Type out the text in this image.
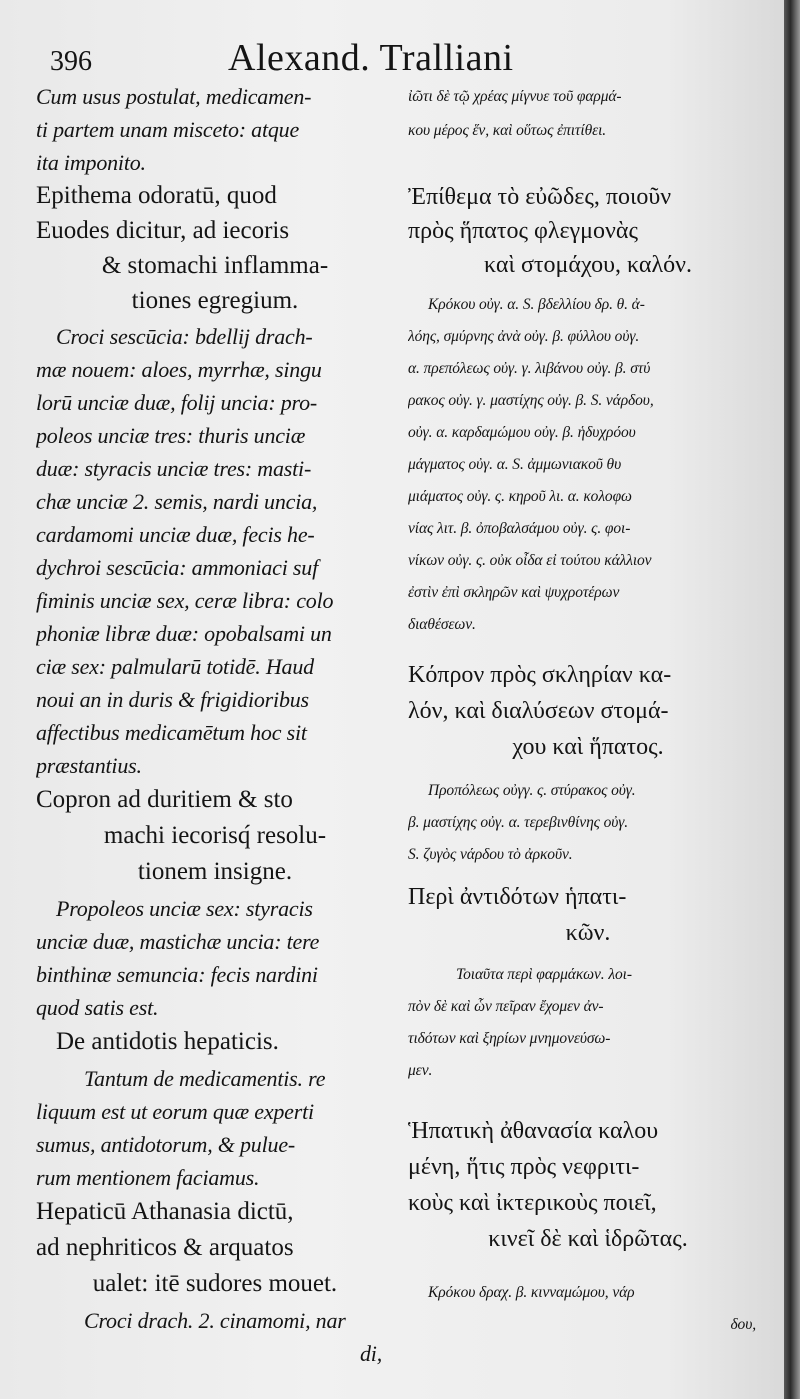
396	Alexand. Tralliani
Cum usus postulat, medicamen-
ti partem unam misceto: atque
ita imponito.
Epithema odoratū, quod
Euodes dicitur, ad iecoris
& stomachi inflamma-
tiones egregium.
Croci sescūcia: bdellij drach-
mæ nouem: aloes, myrrhæ, singu
lorū unciæ duæ, folij uncia: pro-
poleos unciæ tres: thuris unciæ
duæ: styracis unciæ tres: masti-
chæ unciæ 2. semis, nardi uncia,
cardamomi unciæ duæ, fecis he-
dychroi sescūcia: ammoniaci suf
fiminis unciæ sex, ceræ libra: colo
phoniæ libræ duæ: opobalsami un
ciæ sex: palmularū totidē. Haud
noui an in duris & frigidioribus
affectibus medicamētum hoc sit
præstantius.
Copron ad duritiem & sto
machi iecorisq́ resolu-
tionem insigne.
Propoleos unciæ sex: styracis
unciæ duæ, mastichæ uncia: tere
binthinæ semuncia: fecis nardini
quod satis est.
De antidotis hepaticis.
Tantum de medicamentis. re
liquum est ut eorum quæ experti
sumus, antidotorum, & pulue-
rum mentionem faciamus.
Hepaticū Athanasia dictū,
ad nephriticos & arquatos
ualet: itē sudores mouet.
Croci drach. 2. cinamomi, nar
di,
ἰῶτι δὲ τῷ χρέας μίγνυε τοῦ φαρμά-
κου μέρος ἕν, καὶ οὕτως ἐπιτίθει.
Ἐπίθεμα τὸ εὐῶδες, ποιοῦν
πρὸς ἥπατος φλεγμονὰς
καὶ στομάχου, καλόν.
Κρόκου οὐγ. α. S. βδελλίου δρ. θ. ἀ-
λόης, σμύρνης ἀνὰ οὐγ. β. φύλλου οὐγ.
α. πρεπόλεως οὐγ. γ. λιβάνου οὐγ. β. στύ
ρακος οὐγ. γ. μαστίχης οὐγ. β. S. νάρδου,
οὐγ. α. καρδαμώμου οὐγ. β. ἡδυχρόου
μάγματος οὐγ. α. S. ἀμμωνιακοῦ θυ
μιάματος οὐγ. ς. κηροῦ λι. α. κολοφω
νίας λιτ. β. ὀποβαλσάμου οὐγ. ς. φοι-
νίκων οὐγ. ς. οὐκ οἶδα εἰ τούτου κάλλιον
ἐστὶν ἐπὶ σκληρῶν καὶ ψυχροτέρων
διαθέσεων.
Κόπρον πρὸς σκληρίαν κα-
λόν, καὶ διαλύσεων στομά-
χου καὶ ἥπατος.
Προπόλεως οὐγγ. ς. στύρακος οὐγ.
β. μαστίχης οὐγ. α. τερεβινθίνης οὐγ.
S. ζυγὸς νάρδου τὸ ἀρκοῦν.
Περὶ ἀντιδότων ἡπατι-
κῶν.
Τοιαῦτα περὶ φαρμάκων. λοι-
πὸν δὲ καὶ ὧν πεῖραν ἔχομεν ἀν-
τιδότων καὶ ξηρίων μνημονεύσω-
μεν.
Ἡπατικὴ ἀθανασία καλου
μένη, ἥτις πρὸς νεφριτι-
κοὺς καὶ ἰκτερικοὺς ποιεῖ,
κινεῖ δὲ καὶ ἱδρῶτας.
Κρόκου δραχ. β. κινναμώμου, νάρ
δου,
